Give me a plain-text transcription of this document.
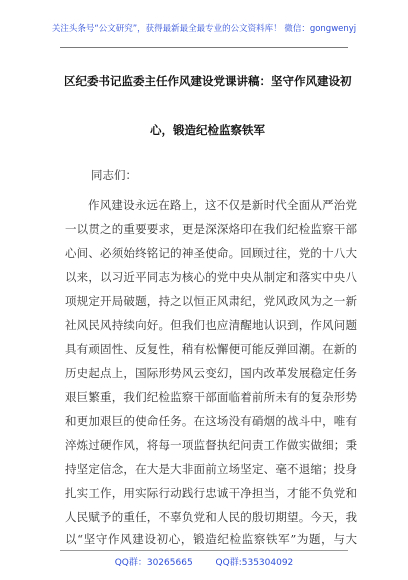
关注头条号“公文研究”，获得最新最全最专业的公文资料库！ 微信：gongwenyj
区纪委书记监委主任作风建设党课讲稿：坚守作风建设初
心，锻造纪检监察铁军
同志们：
作风建设永远在路上，这不仅是新时代全面从严治党
一以贯之的重要要求，更是深深烙印在我们纪检监察干部
心间、必须始终铭记的神圣使命。回顾过往，党的十八大
以来，以习近平同志为核心的党中央从制定和落实中央八
项规定开局破题，持之以恒正风肃纪，党风政风为之一新
社风民风持续向好。但我们也应清醒地认识到，作风问题
具有顽固性、反复性，稍有松懈便可能反弹回潮。在新的
历史起点上，国际形势风云变幻，国内改革发展稳定任务
艰巨繁重，我们纪检监察干部面临着前所未有的复杂形势
和更加艰巨的使命任务。在这场没有硝烟的战斗中，唯有
淬炼过硬作风，将每一项监督执纪问责工作做实做细；秉
持坚定信念，在大是大非面前立场坚定、毫不退缩；投身
扎实工作，用实际行动践行忠诚干净担当，才能不负党和
人民赋予的重任，不辜负党和人民的殷切期望。今天，我
以“坚守作风建设初心，锻造纪检监察铁军”为题，与大
QQ群：30265665	QQ群:535304092
